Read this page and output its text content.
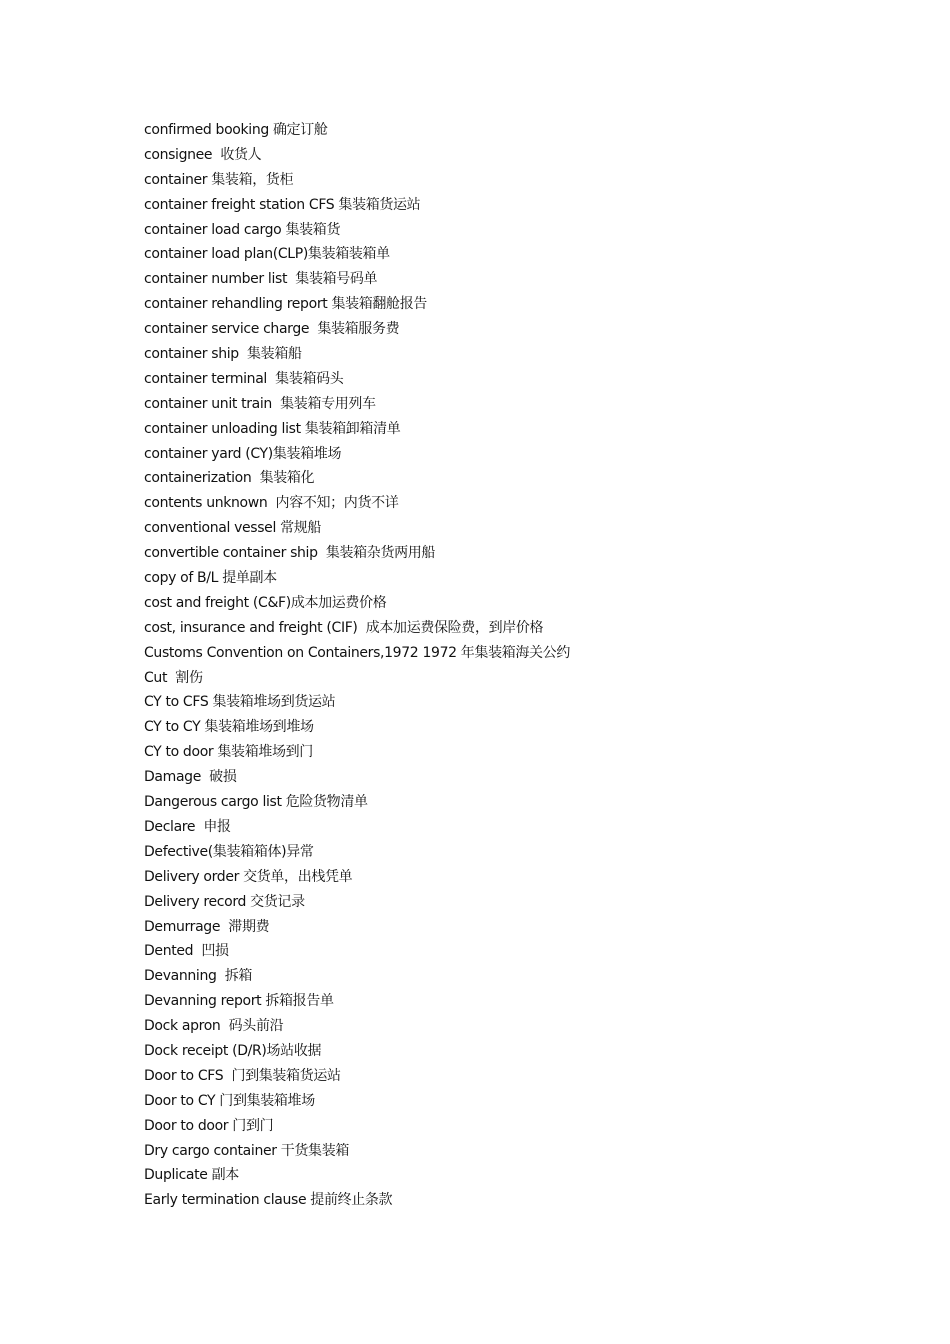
confirmed booking 确定订舱
consignee  收货人
container 集装箱，货柜
container freight station CFS 集装箱货运站
container load cargo 集装箱货
container load plan(CLP)集装箱装箱单
container number list  集装箱号码单
container rehandling report 集装箱翻舱报告
container service charge  集装箱服务费
container ship  集装箱船
container terminal  集装箱码头
container unit train  集装箱专用列车
container unloading list 集装箱卸箱清单
container yard (CY)集装箱堆场
containerization  集装箱化
contents unknown  内容不知；内货不详
conventional vessel 常规船
convertible container ship  集装箱杂货两用船
copy of B/L 提单副本
cost and freight (C&F)成本加运费价格
cost, insurance and freight (CIF)  成本加运费保险费，到岸价格
Customs Convention on Containers,1972 1972 年集装箱海关公约
Cut  割伤
CY to CFS 集装箱堆场到货运站
CY to CY 集装箱堆场到堆场
CY to door 集装箱堆场到门
Damage  破损
Dangerous cargo list 危险货物清单
Declare  申报
Defective(集装箱箱体)异常
Delivery order 交货单，出栈凭单
Delivery record 交货记录
Demurrage  滞期费
Dented  凹损
Devanning  拆箱
Devanning report 拆箱报告单
Dock apron  码头前沿
Dock receipt (D/R)场站收据
Door to CFS  门到集装箱货运站
Door to CY 门到集装箱堆场
Door to door 门到门
Dry cargo container 干货集装箱
Duplicate 副本
Early termination clause 提前终止条款
